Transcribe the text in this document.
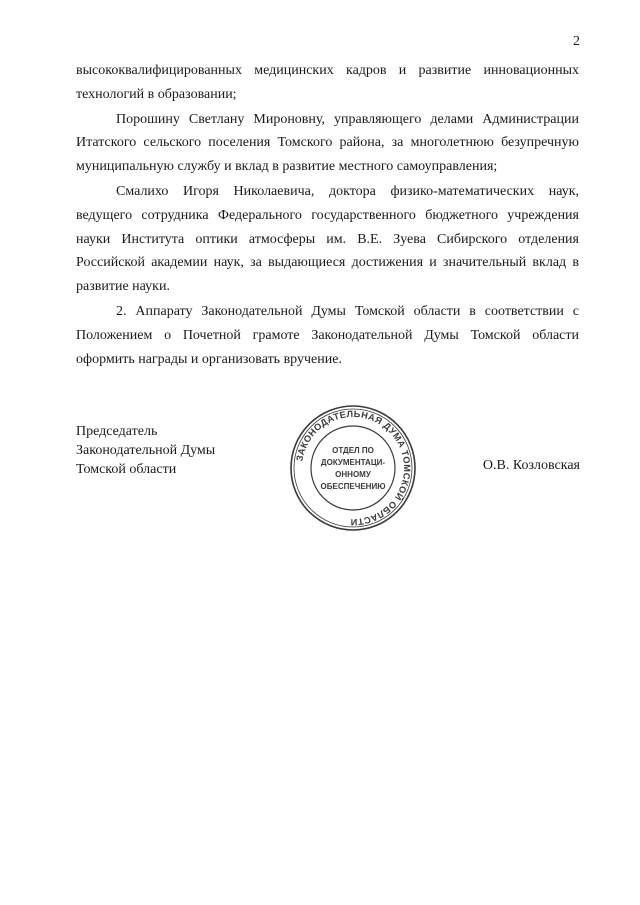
2

высококвалифицированных медицинских кадров и развитие инновационных технологий в образовании;

Порошину Светлану Мироновну, управляющего делами Администрации Итатского сельского поселения Томского района, за многолетнюю безупречную муниципальную службу и вклад в развитие местного самоуправления;

Смалихо Игоря Николаевича, доктора физико-математических наук, ведущего сотрудника Федерального государственного бюджетного учреждения науки Института оптики атмосферы им. В.Е. Зуева Сибирского отделения Российской академии наук, за выдающиеся достижения и значительный вклад в развитие науки.

2. Аппарату Законодательной Думы Томской области в соответствии с Положением о Почетной грамоте Законодательной Думы Томской области оформить награды и организовать вручение.

Председатель
Законодательной Думы
Томской области	О.В. Козловская
ЗАКОНОДАТЕЛЬНАЯ ДУМА ТОМСКОЙ ОБЛАСТИ
ОТДЕЛ ПО
ДОКУМЕНТАЦИ-
ОННОМУ
ОБЕСПЕЧЕНИЮ
